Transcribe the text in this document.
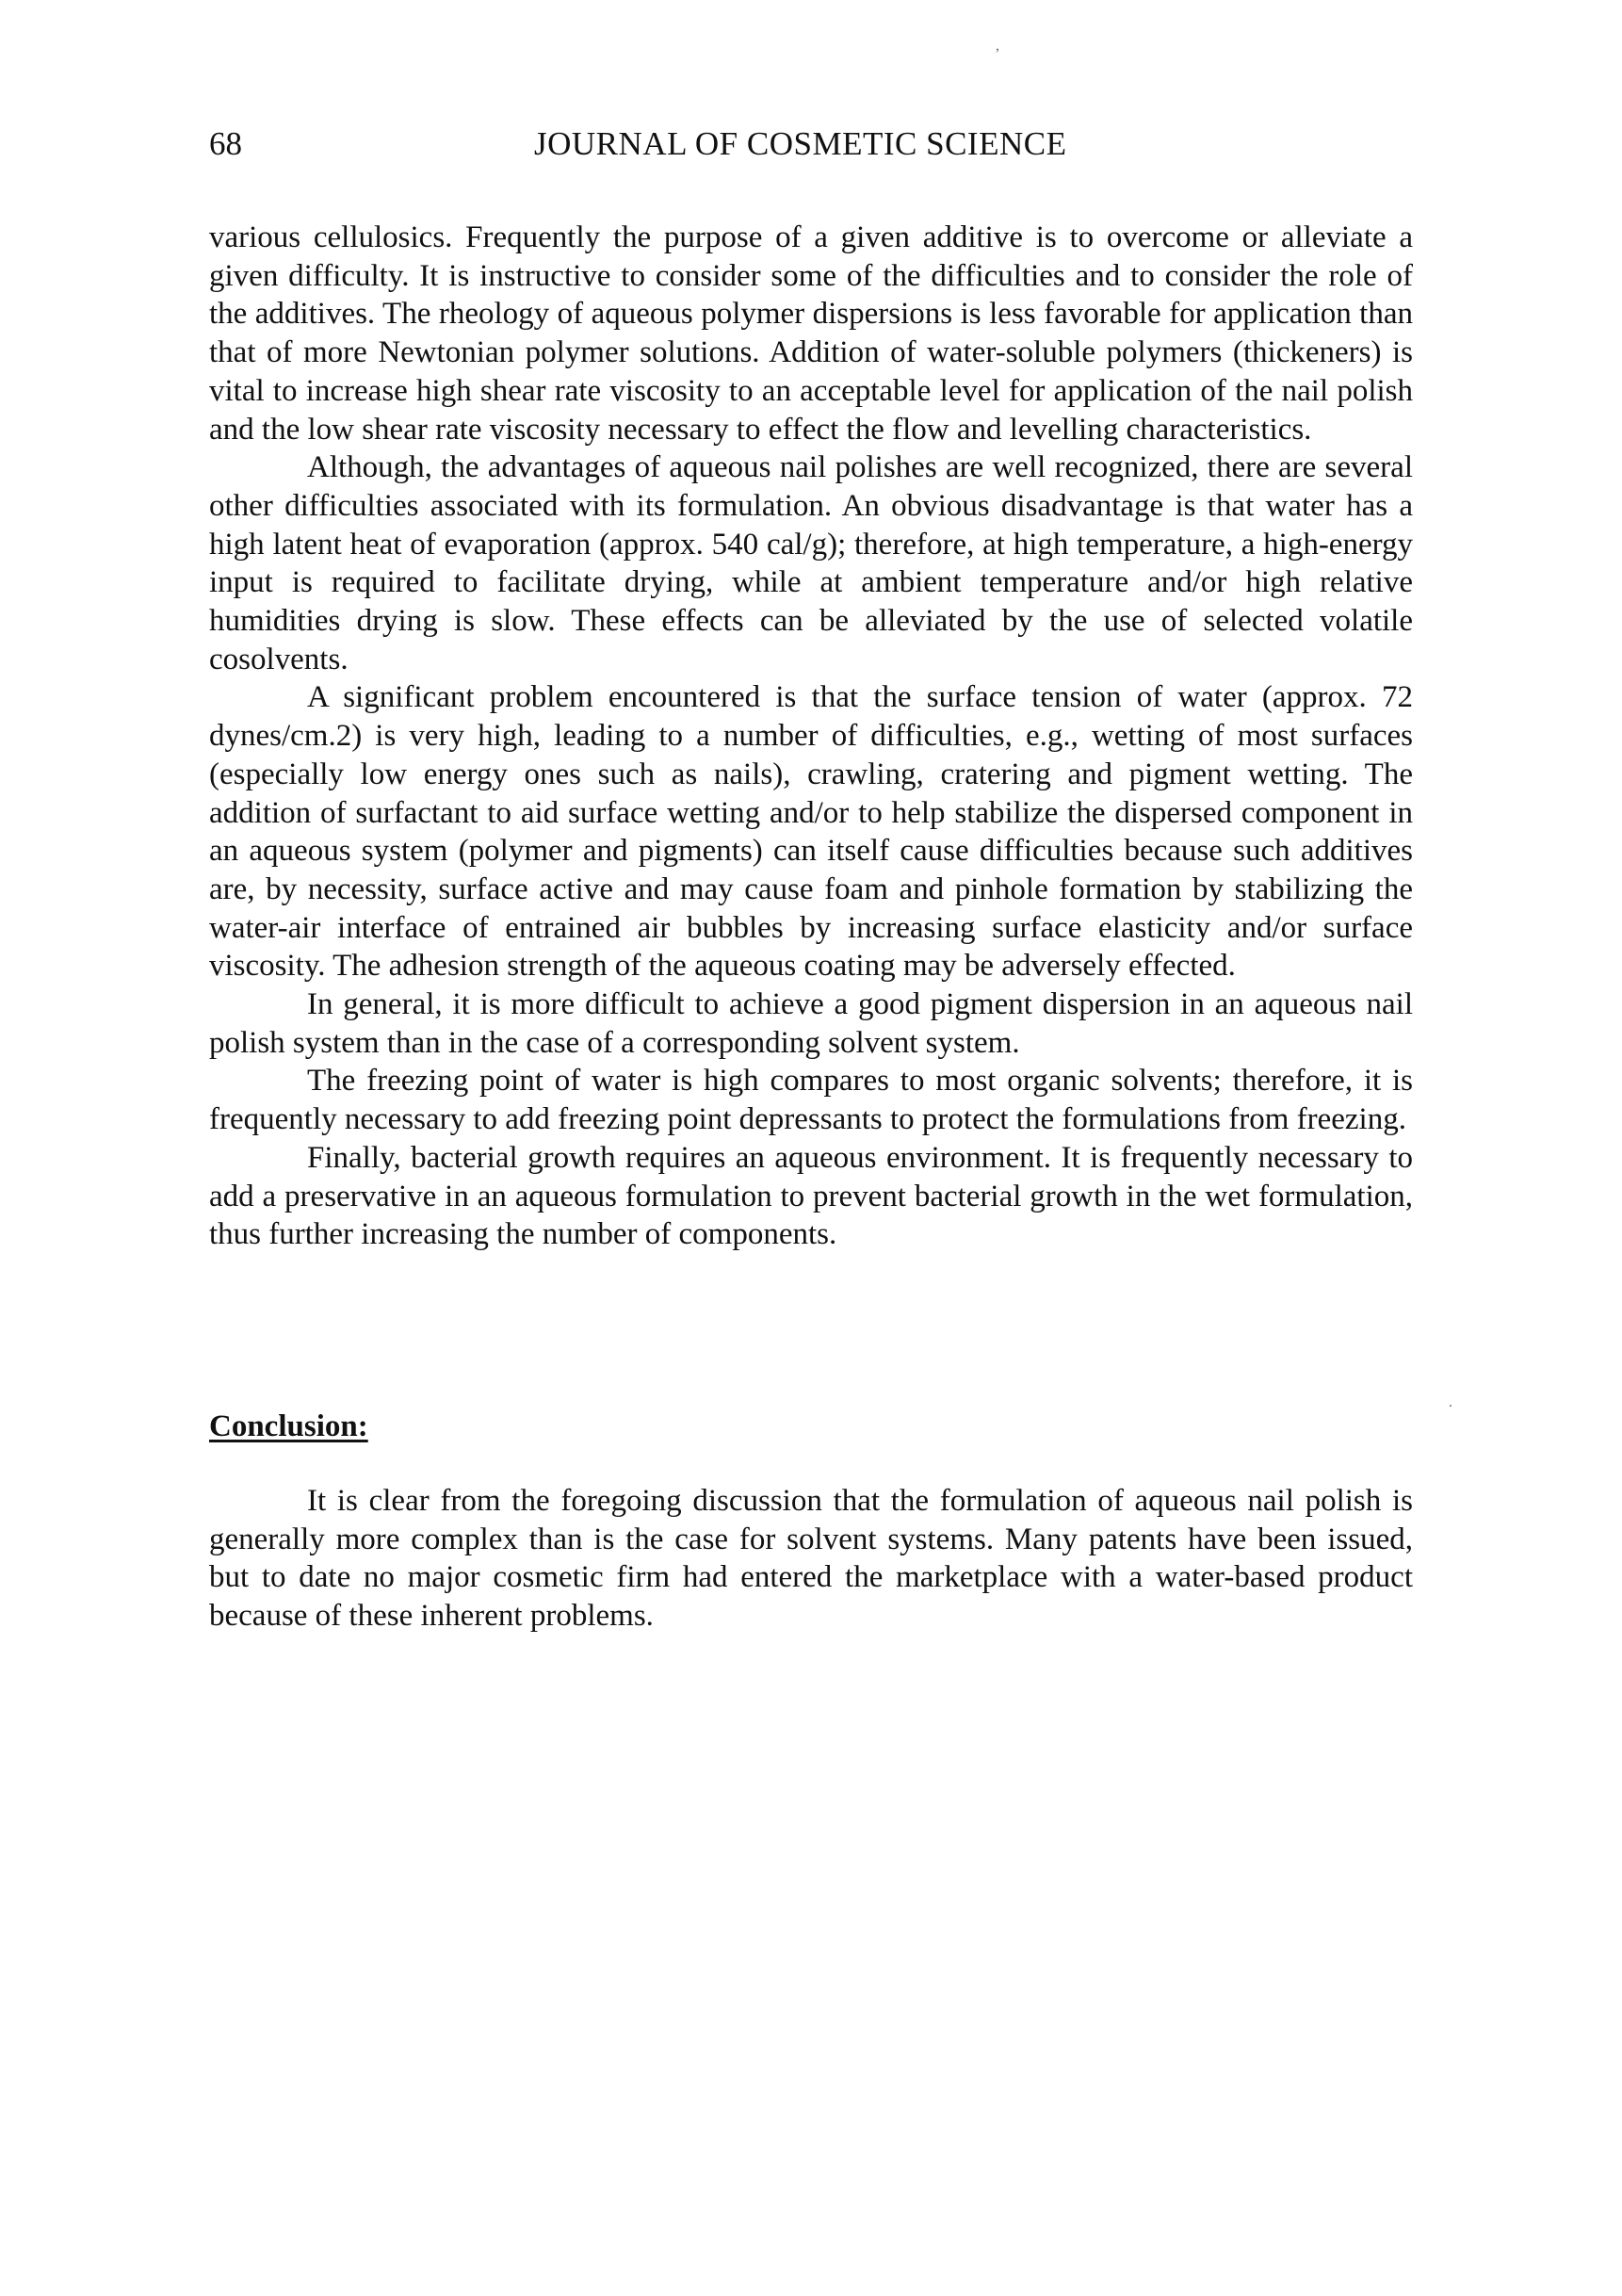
68	JOURNAL OF COSMETIC SCIENCE
,
.

various cellulosics. Frequently the purpose of a given additive is to overcome or alleviate a given difficulty. It is instructive to consider some of the difficulties and to consider the role of the additives. The rheology of aqueous polymer dispersions is less favorable for application than that of more Newtonian polymer solutions. Addition of water-soluble polymers (thickeners) is vital to increase high shear rate viscosity to an acceptable level for application of the nail polish and the low shear rate viscosity necessary to effect the flow and levelling characteristics.

Although, the advantages of aqueous nail polishes are well recognized, there are several other difficulties associated with its formulation. An obvious disadvantage is that water has a high latent heat of evaporation (approx. 540 cal/g); therefore, at high temperature, a high-energy input is required to facilitate drying, while at ambient temperature and/or high relative humidities drying is slow. These effects can be alleviated by the use of selected volatile cosolvents.

A significant problem encountered is that the surface tension of water (approx. 72 dynes/cm.2) is very high, leading to a number of difficulties, e.g., wetting of most surfaces (especially low energy ones such as nails), crawling, cratering and pigment wetting. The addition of surfactant to aid surface wetting and/or to help stabilize the dispersed component in an aqueous system (polymer and pigments) can itself cause difficulties because such additives are, by necessity, surface active and may cause foam and pinhole formation by stabilizing the water-air interface of entrained air bubbles by increasing surface elasticity and/or surface viscosity. The adhesion strength of the aqueous coating may be adversely effected.

In general, it is more difficult to achieve a good pigment dispersion in an aqueous nail polish system than in the case of a corresponding solvent system.

The freezing point of water is high compares to most organic solvents; therefore, it is frequently necessary to add freezing point depressants to protect the formulations from freezing.

Finally, bacterial growth requires an aqueous environment. It is frequently necessary to add a preservative in an aqueous formulation to prevent bacterial growth in the wet formulation, thus further increasing the number of components.

Conclusion:

It is clear from the foregoing discussion that the formulation of aqueous nail polish is generally more complex than is the case for solvent systems. Many patents have been issued, but to date no major cosmetic firm had entered the marketplace with a water-based product because of these inherent problems.
